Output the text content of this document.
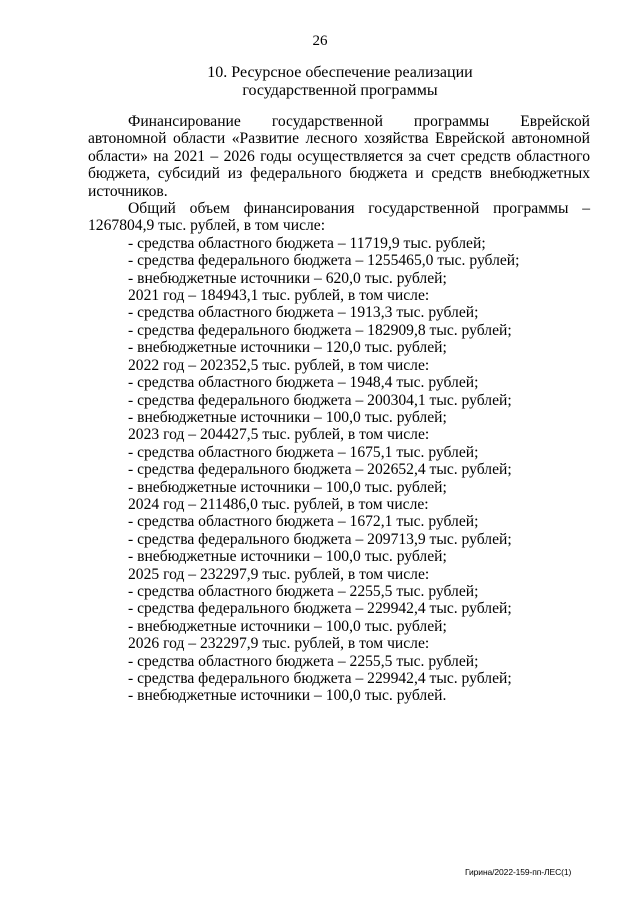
26
10. Ресурсное обеспечение реализации
государственной программы

Финансирование государственной программы Еврейской автономной области «Развитие лесного хозяйства Еврейской автономной области» на 2021 – 2026 годы осуществляется за счет средств областного бюджета, субсидий из федерального бюджета и средств внебюджетных источников.

Общий объем финансирования государственной программы –

1267804,9 тыс. рублей, в том числе:

- средства областного бюджета – 11719,9 тыс. рублей;
- средства федерального бюджета – 1255465,0 тыс. рублей;
- внебюджетные источники – 620,0 тыс. рублей;
2021 год – 184943,1 тыс. рублей, в том числе:
- средства областного бюджета – 1913,3 тыс. рублей;
- средства федерального бюджета – 182909,8 тыс. рублей;
- внебюджетные источники – 120,0 тыс. рублей;
2022 год – 202352,5 тыс. рублей, в том числе:
- средства областного бюджета – 1948,4 тыс. рублей;
- средства федерального бюджета – 200304,1 тыс. рублей;
- внебюджетные источники – 100,0 тыс. рублей;
2023 год – 204427,5 тыс. рублей, в том числе:
- средства областного бюджета – 1675,1 тыс. рублей;
- средства федерального бюджета – 202652,4 тыс. рублей;
- внебюджетные источники – 100,0 тыс. рублей;
2024 год – 211486,0 тыс. рублей, в том числе:
- средства областного бюджета – 1672,1 тыс. рублей;
- средства федерального бюджета – 209713,9 тыс. рублей;
- внебюджетные источники – 100,0 тыс. рублей;
2025 год – 232297,9 тыс. рублей, в том числе:
- средства областного бюджета – 2255,5 тыс. рублей;
- средства федерального бюджета – 229942,4 тыс. рублей;
- внебюджетные источники – 100,0 тыс. рублей;
2026 год – 232297,9 тыс. рублей, в том числе:
- средства областного бюджета – 2255,5 тыс. рублей;
- средства федерального бюджета – 229942,4 тыс. рублей;
- внебюджетные источники – 100,0 тыс. рублей.
Гирина/2022-159-пп-ЛЕС(1)
